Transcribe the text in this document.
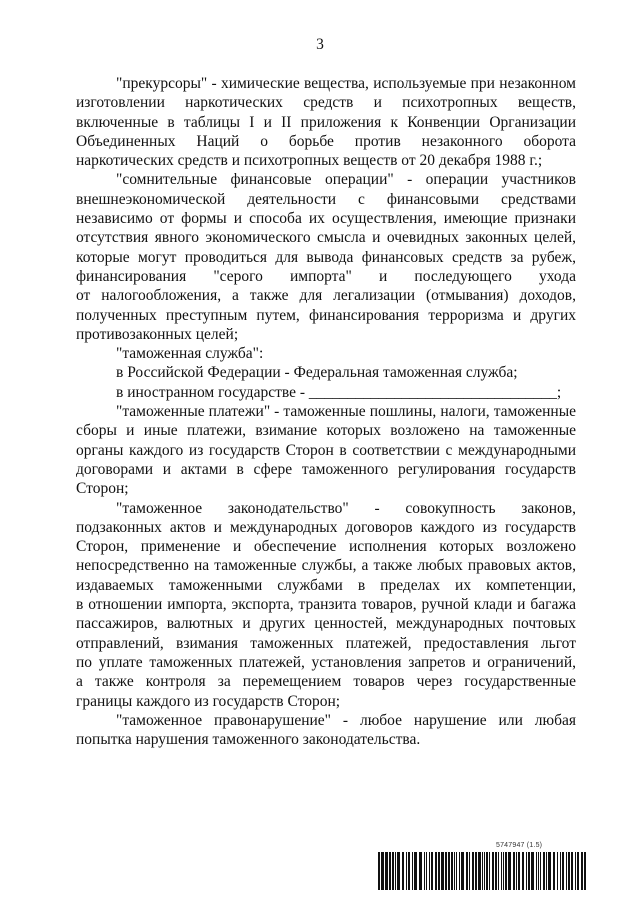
3

"прекурсоры" - химические вещества, используемые при незаконном

изготовлении наркотических средств и психотропных веществ,

включенные в таблицы I и II приложения к Конвенции Организации

Объединенных Наций о борьбе против незаконного оборота

наркотических средств и психотропных веществ от 20 декабря 1988 г.;

"сомнительные финансовые операции" - операции участников

внешнеэкономической деятельности с финансовыми средствами

независимо от формы и способа их осуществления, имеющие признаки

отсутствия явного экономического смысла и очевидных законных целей,

которые могут проводиться для вывода финансовых средств за рубеж,

финансирования "серого импорта" и последующего ухода

от налогообложения, а также для легализации (отмывания) доходов,

полученных преступным путем, финансирования терроризма и других

противозаконных целей;

"таможенная служба":

в Российской Федерации - Федеральная таможенная служба;

в иностранном государстве - ________________________________;

"таможенные платежи" - таможенные пошлины, налоги, таможенные

сборы и иные платежи, взимание которых возложено на таможенные

органы каждого из государств Сторон в соответствии с международными

договорами и актами в сфере таможенного регулирования государств

Сторон;

"таможенное законодательство" - совокупность законов,

подзаконных актов и международных договоров каждого из государств

Сторон, применение и обеспечение исполнения которых возложено

непосредственно на таможенные службы, а также любых правовых актов,

издаваемых таможенными службами в пределах их компетенции,

в отношении импорта, экспорта, транзита товаров, ручной клади и багажа

пассажиров, валютных и других ценностей, международных почтовых

отправлений, взимания таможенных платежей, предоставления льгот

по уплате таможенных платежей, установления запретов и ограничений,

а также контроля за перемещением товаров через государственные

границы каждого из государств Сторон;

"таможенное правонарушение" - любое нарушение или любая

попытка нарушения таможенного законодательства.

5747947 (1.5)
